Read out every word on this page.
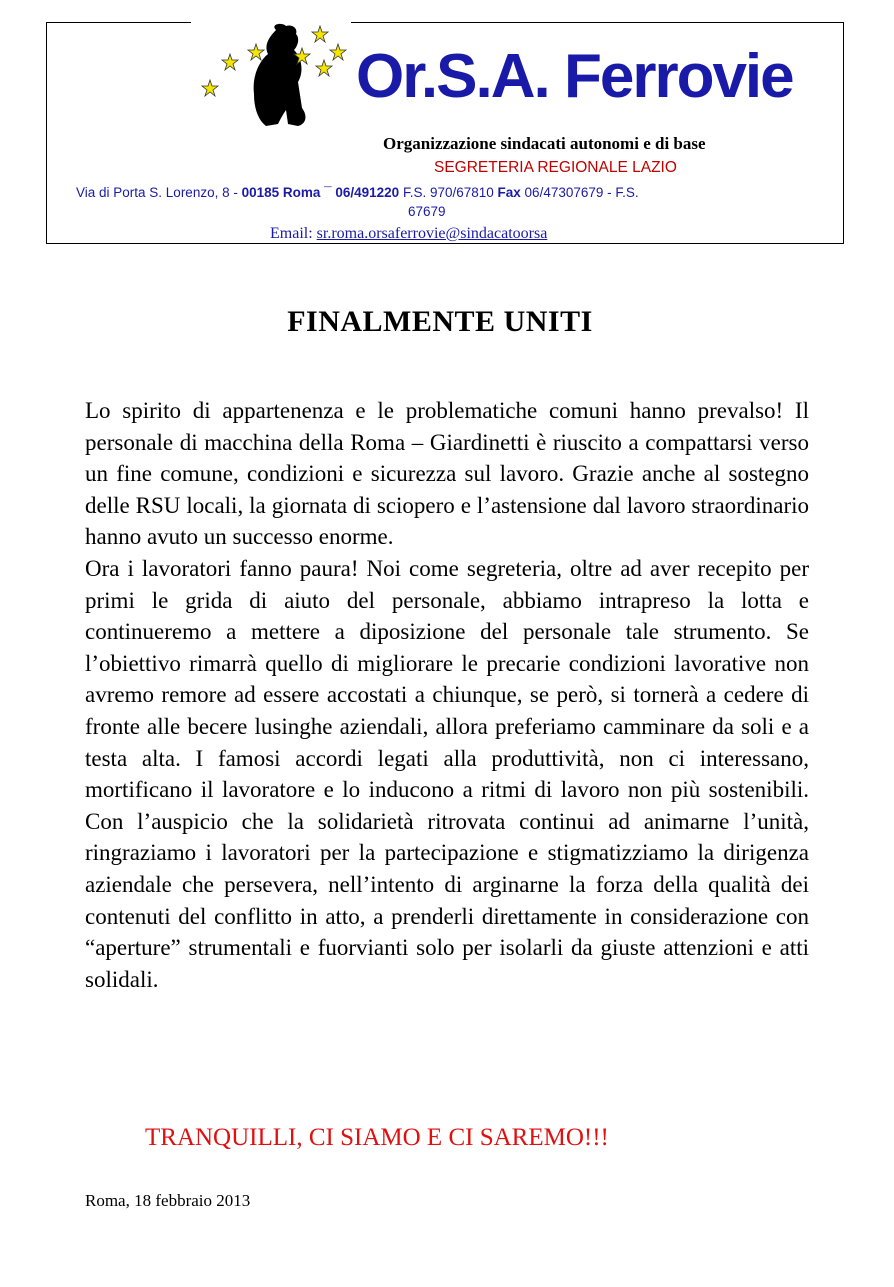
Or.S.A. Ferrovie
Organizzazione sindacati autonomi e di base
SEGRETERIA REGIONALE LAZIO
Via di Porta S. Lorenzo, 8 - 00185 Roma ¯ 06/491220 F.S. 970/67810 Fax 06/47307679 - F.S.
67679
Email: sr.roma.orsaferrovie@sindacatoorsa
FINALMENTE UNITI

Lo spirito di appartenenza e le problematiche comuni hanno prevalso! Il personale di macchina della Roma – Giardinetti è riuscito a compattarsi verso un fine comune, condizioni e sicurezza sul lavoro. Grazie anche al sostegno delle RSU locali, la giornata di sciopero e l’astensione dal lavoro straordinario hanno avuto un successo enorme.

Ora i lavoratori fanno paura! Noi come segreteria, oltre ad aver recepito per primi le grida di aiuto del personale, abbiamo intrapreso la lotta e continueremo a mettere a diposizione del personale tale strumento. Se l’obiettivo rimarrà quello di migliorare le precarie condizioni lavorative non avremo remore ad essere accostati a chiunque, se però, si tornerà a cedere di fronte alle becere lusinghe aziendali, allora preferiamo camminare da soli e a testa alta. I famosi accordi legati alla produttività, non ci interessano, mortificano il lavoratore e lo inducono a ritmi di lavoro non più sostenibili. Con l’auspicio che la solidarietà ritrovata continui ad animarne l’unità, ringraziamo i lavoratori per la partecipazione e stigmatizziamo la dirigenza aziendale che persevera, nell’intento di arginarne la forza della qualità dei contenuti del conflitto in atto, a prenderli direttamente in considerazione con “aperture” strumentali e fuorvianti solo per isolarli da giuste attenzioni e atti solidali.

TRANQUILLI, CI SIAMO E CI SAREMO!!!
Roma, 18 febbraio 2013
